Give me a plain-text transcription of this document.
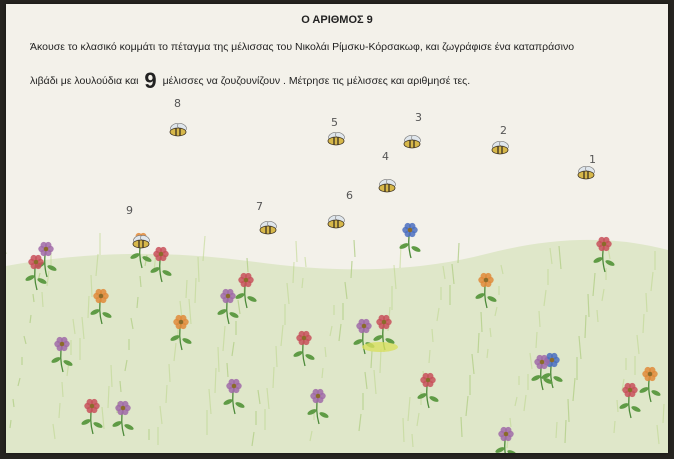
8
5	3
2
1
4
7
6
9

Ο ΑΡΙΘΜΟΣ 9

Άκουσε το κλασικό κομμάτι το πέταγμα της μέλισσας του Νικολάι Ρίμσκυ-Κόρσακωφ, και ζωγράφισε ένα καταπράσινο

λιβάδι με λουλούδια και 9 μέλισσες να ζουζουνίζουν . Μέτρησε τις μέλισσες και αριθμησέ τες.
